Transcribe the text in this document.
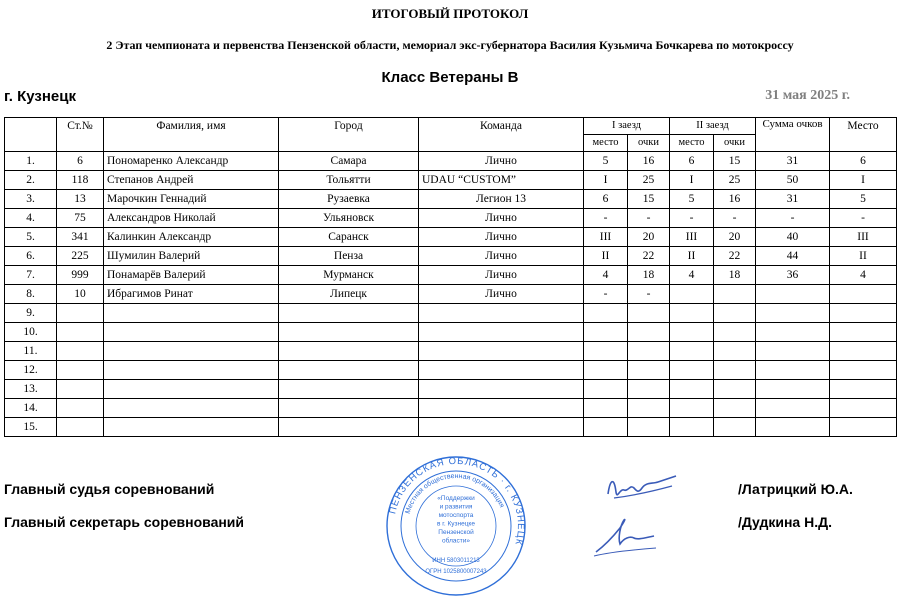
ИТОГОВЫЙ ПРОТОКОЛ
2 Этап чемпионата и первенства Пензенской области, мемориал экс-губернатора Василия Кузьмича Бочкарева по мотокроссу
Класс Ветераны В
г. Кузнецк	31 мая 2025 г.
	Ст.№	Фамилия, имя	Город	Команда	I заезд		II заезд		Сумма очков	Место
					место	очки	место	очки		
1.	6	Пономаренко Александр	Самара	Лично	5	16	6	15	31	6
2.	118	Степанов Андрей	Тольятти	UDAU “CUSTOM”	I	25	I	25	50	I
3.	13	Марочкин Геннадий	Рузаевка	Легион 13	6	15	5	16	31	5
4.	75	Александров Николай	Ульяновск	Лично	-	-	-	-	-	-
5.	341	Калинкин Александр	Саранск	Лично	III	20	III	20	40	III
6.	225	Шумилин Валерий	Пенза	Лично	II	22	II	22	44	II
7.	999	Понамарёв Валерий	Мурманск	Лично	4	18	4	18	36	4
8.	10	Ибрагимов Ринат	Липецк	Лично	-	-				
9.										
10.										
11.										
12.										
13.										
14.										
15.										
Главный судья соревнований	/Латрицкий Ю.А.
Главный секретарь соревнований	/Дудкина Н.Д.
ПЕНЗЕНСКАЯ ОБЛАСТЬ · г. КУЗНЕЦК
Местная общественная организация
«Поддержки
и развития
мотоспорта
в г. Кузнецке
Пензенской
области»
ИНН 5803011213
ОГРН 1025800007243
